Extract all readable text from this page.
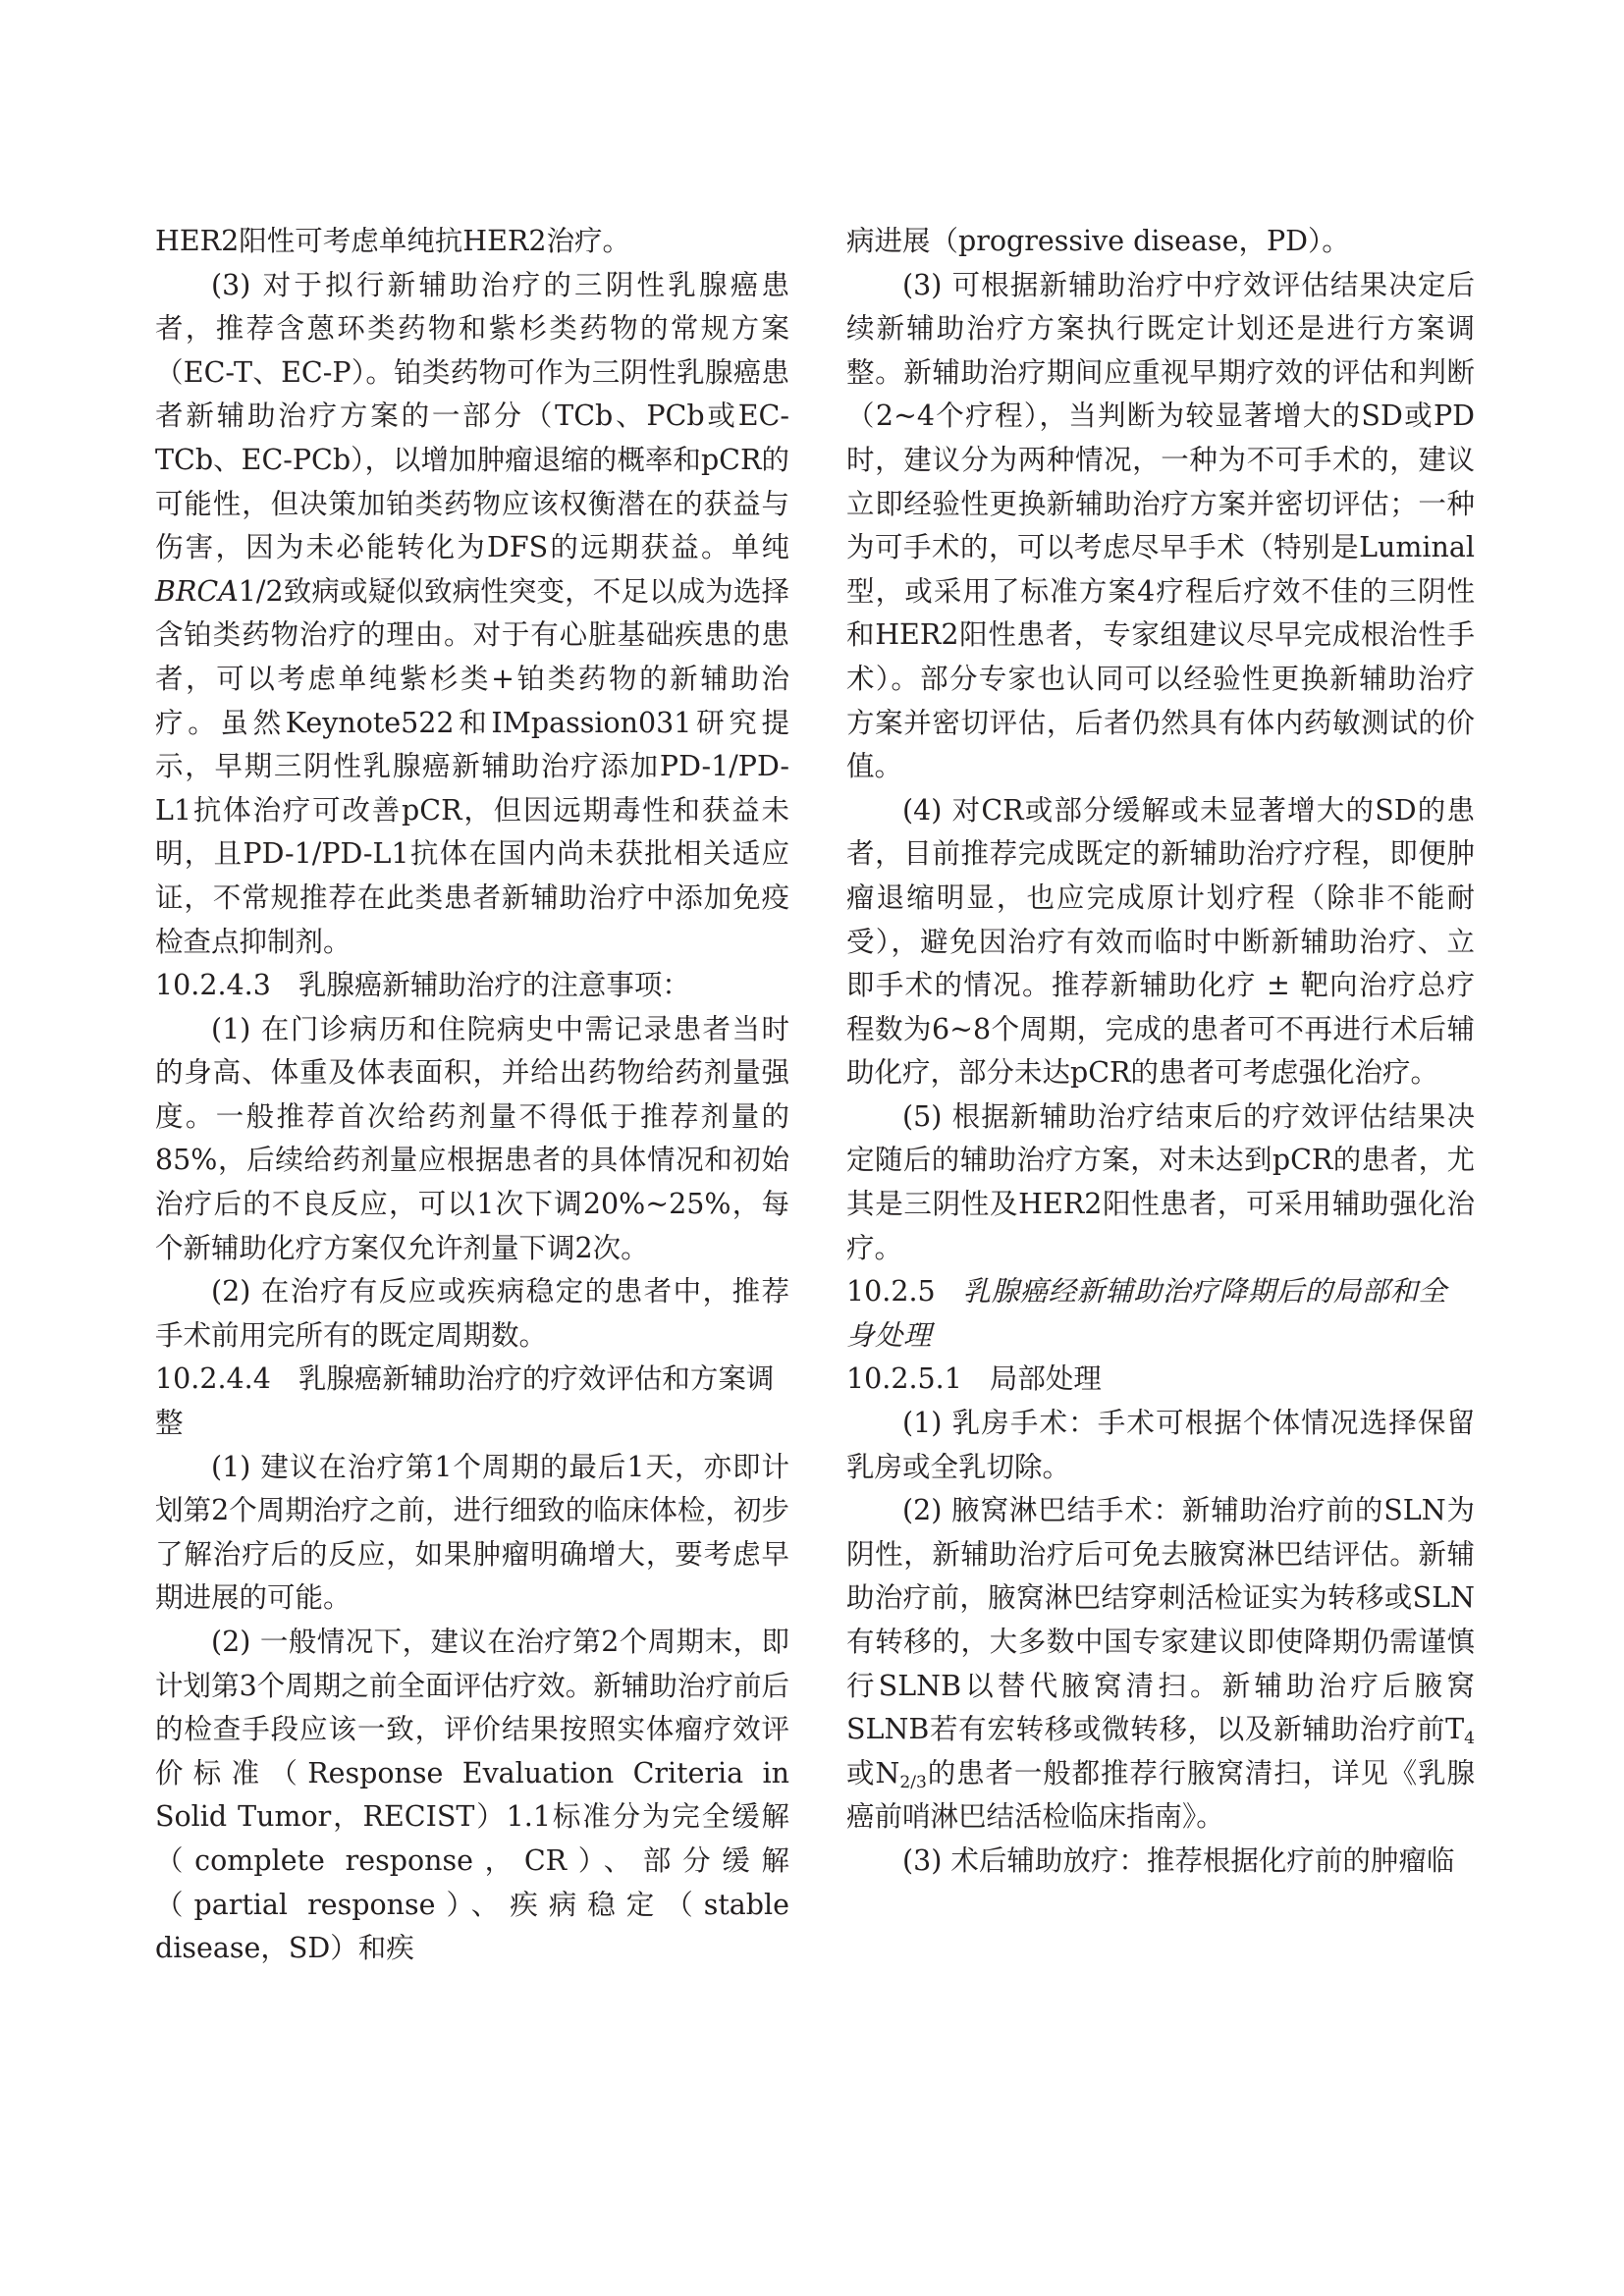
HER2阳性可考虑单纯抗HER2治疗。

(3) 对于拟行新辅助治疗的三阴性乳腺癌患者，推荐含蒽环类药物和紫杉类药物的常规方案（EC-T、EC-P）。铂类药物可作为三阴性乳腺癌患者新辅助治疗方案的一部分（TCb、PCb或EC-TCb、EC-PCb），以增加肿瘤退缩的概率和pCR的可能性，但决策加铂类药物应该权衡潜在的获益与伤害，因为未必能转化为DFS的远期获益。单纯BRCA1/2致病或疑似致病性突变，不足以成为选择含铂类药物治疗的理由。对于有心脏基础疾患的患者，可以考虑单纯紫杉类+铂类药物的新辅助治疗。虽然Keynote522和IMpassion031研究提示，早期三阴性乳腺癌新辅助治疗添加PD-1/PD-L1抗体治疗可改善pCR，但因远期毒性和获益未明，且PD-1/PD-L1抗体在国内尚未获批相关适应证，不常规推荐在此类患者新辅助治疗中添加免疫检查点抑制剂。

10.2.4.3 乳腺癌新辅助治疗的注意事项：

(1) 在门诊病历和住院病史中需记录患者当时的身高、体重及体表面积，并给出药物给药剂量强度。一般推荐首次给药剂量不得低于推荐剂量的85%，后续给药剂量应根据患者的具体情况和初始治疗后的不良反应，可以1次下调20%~25%，每个新辅助化疗方案仅允许剂量下调2次。

(2) 在治疗有反应或疾病稳定的患者中，推荐手术前用完所有的既定周期数。

10.2.4.4 乳腺癌新辅助治疗的疗效评估和方案调整

(1) 建议在治疗第1个周期的最后1天，亦即计划第2个周期治疗之前，进行细致的临床体检，初步了解治疗后的反应，如果肿瘤明确增大，要考虑早期进展的可能。

(2) 一般情况下，建议在治疗第2个周期末，即计划第3个周期之前全面评估疗效。新辅助治疗前后的检查手段应该一致，评价结果按照实体瘤疗效评价标准（Response Evaluation Criteria in Solid Tumor，RECIST）1.1标准分为完全缓解（complete response，CR）、部分缓解（partial response）、疾病稳定（stable disease，SD）和疾

病进展（progressive disease，PD）。

(3) 可根据新辅助治疗中疗效评估结果决定后续新辅助治疗方案执行既定计划还是进行方案调整。新辅助治疗期间应重视早期疗效的评估和判断（2~4个疗程），当判断为较显著增大的SD或PD时，建议分为两种情况，一种为不可手术的，建议立即经验性更换新辅助治疗方案并密切评估；一种为可手术的，可以考虑尽早手术（特别是Luminal型，或采用了标准方案4疗程后疗效不佳的三阴性和HER2阳性患者，专家组建议尽早完成根治性手术）。部分专家也认同可以经验性更换新辅助治疗方案并密切评估，后者仍然具有体内药敏测试的价值。

(4) 对CR或部分缓解或未显著增大的SD的患者，目前推荐完成既定的新辅助治疗疗程，即便肿瘤退缩明显，也应完成原计划疗程（除非不能耐受），避免因治疗有效而临时中断新辅助治疗、立即手术的情况。推荐新辅助化疗 ± 靶向治疗总疗程数为6~8个周期，完成的患者可不再进行术后辅助化疗，部分未达pCR的患者可考虑强化治疗。

(5) 根据新辅助治疗结束后的疗效评估结果决定随后的辅助治疗方案，对未达到pCR的患者，尤其是三阴性及HER2阳性患者，可采用辅助强化治疗。

10.2.5 乳腺癌经新辅助治疗降期后的局部和全身处理

10.2.5.1 局部处理

(1) 乳房手术：手术可根据个体情况选择保留乳房或全乳切除。

(2) 腋窝淋巴结手术：新辅助治疗前的SLN为阴性，新辅助治疗后可免去腋窝淋巴结评估。新辅助治疗前，腋窝淋巴结穿刺活检证实为转移或SLN有转移的，大多数中国专家建议即使降期仍需谨慎行SLNB以替代腋窝清扫。新辅助治疗后腋窝SLNB若有宏转移或微转移，以及新辅助治疗前$T_4$或$N_{2/3}$的患者一般都推荐行腋窝清扫，详见《乳腺癌前哨淋巴结活检临床指南》。

(3) 术后辅助放疗：推荐根据化疗前的肿瘤临
